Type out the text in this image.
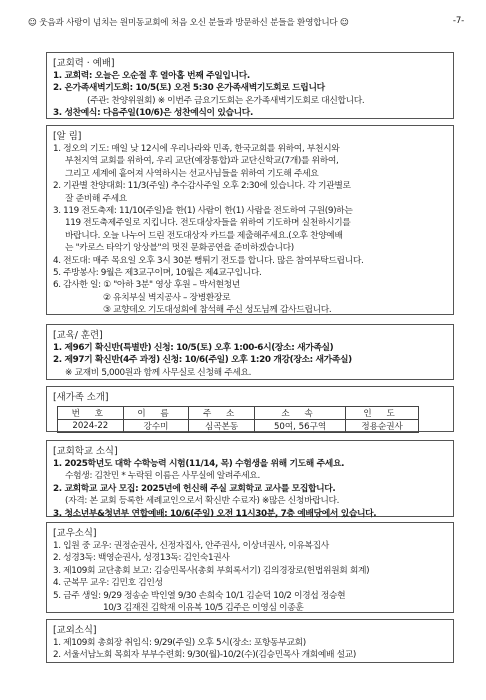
☺ 웃음과 사랑이 넘치는 원미동교회에 처음 오신 분들과 방문하신 분들을 환영합니다 ☺	-7-
[교회력 · 예배]
1. 교회력: 오늘은 오순절 후 열아홉 번째 주일입니다.
2. 온가족새벽기도회: 10/5(토) 오전 5:30 온가족새벽기도회로 드립니다
(주관: 찬양위원회) ※ 이번주 금요기도회는 온가족새벽기도회로 대신합니다.
3. 성찬예식: 다음주일(10/6)은 성찬예식이 있습니다.
[알 림]
1. 정오의 기도: 매일 낮 12시에 우리나라와 민족, 한국교회를 위하여, 부천시와
부천지역 교회를 위하여, 우리 교단(예장통합)과 교단신학교(7개)를 위하여,
그리고 세계에 흩어져 사역하시는 선교사님들을 위하여 기도해 주세요
2. 기관별 찬양대회: 11/3(주일) 추수감사주일 오후 2:30에 있습니다. 각 기관별로
잘 준비해 주세요
3. 119 전도축제: 11/10(주일)을 한(1) 사람이 한(1) 사람을 전도하여 구원(9)하는
119 전도축제주일로 지킵니다. 전도대상자들을 위하여 기도하며 실천하시기를
바랍니다. 오늘 나누어 드린 전도대상자 카드를 제출해주세요.(오후 찬양예배
는 "카로스 타악기 앙상블"의 멋진 문화공연을 준비하겠습니다)
4. 전도대: 매주 목요일 오후 3시 30분 뻥튀기 전도를 합니다. 많은 참여부탁드립니다.
5. 주방봉사: 9월은 제3교구이며, 10월은 제4교구입니다.
6. 감사한 일: ① "아하 3분" 영상 후원 – 박서현청년
② 유치부실 벽지공사 – 장병환장로
③ 교향데오 기도대성회에 참석해 주신 성도님께 감사드립니다.
[교육/ 훈련]
1. 제96기 확신반(특별반) 신청: 10/5(토) 오후 1:00-6시(장소: 새가족실)
2. 제97기 확신반(4주 과정) 신청: 10/6(주일) 오후 1:20 개강(장소: 새가족실)
※ 교재비 5,000원과 함께 사무실로 신청해 주세요.
[새가족 소개]
번 호	이 름	주 소	소 속	인 도
2024-22	강수미	심곡본동	50여, 56구역	정용순권사
[교회학교 소식]
1. 2025학년도 대학 수학능력 시험(11/14, 목) 수험생을 위해 기도해 주세요.
수험생: 김찬민 * 누락된 이름은 사무실에 알려주세요.
2. 교회학교 교사 모집: 2025년에 헌신해 주실 교회학교 교사를 모집합니다.
(자격: 본 교회 등록한 세례교인으로서 확신반 수료자) ※많은 신청바랍니다.
3. 청소년부&청년부 연합예배: 10/6(주일) 오전 11시30분, 7층 예배당에서 있습니다.
[교우소식]
1. 입원 중 교우: 권정순권사, 신정자집사, 안주권사, 이상녀권사, 이유복집사
2. 성경3독: 백영순권사, 성경13독: 김인숙1권사
3. 제109회 교단총회 보고: 김승민목사(총회 부회록서기) 김의경장로(헌법위원회 회계)
4. 군복무 교우: 김민호 김인성
5. 금주 생일: 9/29 정송순 박인열 9/30 손희숙 10/1 김순덕 10/2 이경섭 정승현
10/3 김재진 김학재 이유복 10/5 김주은 이영심 이종훈
[교외소식]
1. 제109회 총회장 취임식: 9/29(주일) 오후 5시(장소: 포항동부교회)
2. 서울서남노회 목회자 부부수련회: 9/30(월)-10/2(수)(김승민목사 개회예배 설교)
